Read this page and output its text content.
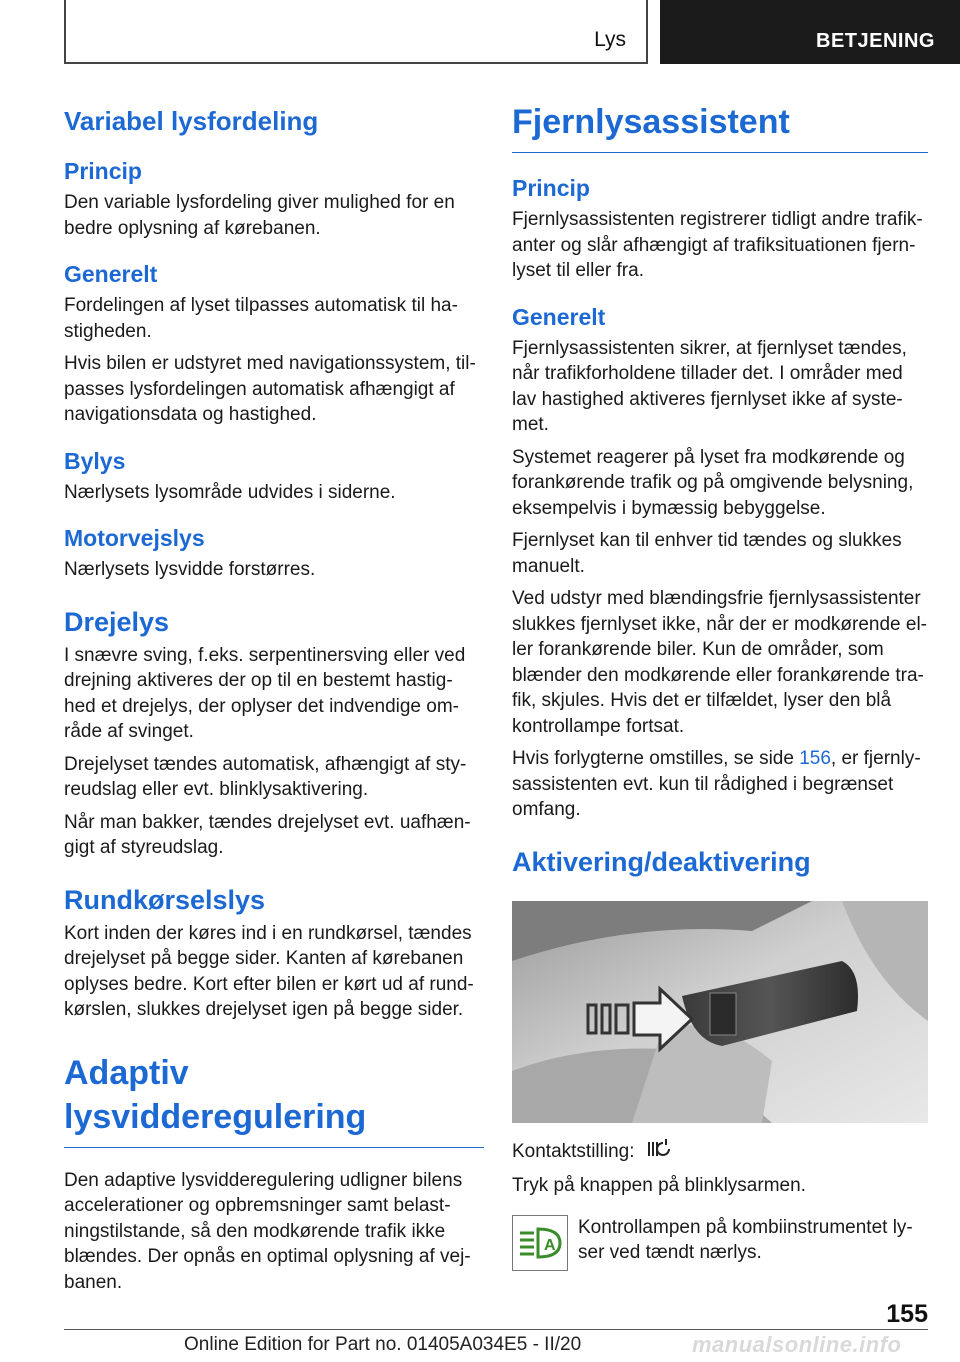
Lys	BETJENING
Variabel lysfordeling
Princip
Den variable lysfordeling giver mulighed for en bedre oplysning af kørebanen.
Generelt
Fordelingen af lyset tilpasses automatisk til ha‐ stigheden.
Hvis bilen er udstyret med navigationssystem, til‐ passes lysfordelingen automatisk afhængigt af navigationsdata og hastighed.
Bylys
Nærlysets lysområde udvides i siderne.
Motorvejslys
Nærlysets lysvidde forstørres.
Drejelys
I snævre sving, f.eks. serpentinersving eller ved drejning aktiveres der op til en bestemt hastig‐ hed et drejelys, der oplyser det indvendige om‐ råde af svinget.
Drejelyset tændes automatisk, afhængigt af sty‐ reudslag eller evt. blinklysaktivering.
Når man bakker, tændes drejelyset evt. uafhæn‐ gigt af styreudslag.
Rundkørselslys
Kort inden der køres ind i en rundkørsel, tændes drejelyset på begge sider. Kanten af kørebanen oplyses bedre. Kort efter bilen er kørt ud af rund‐ kørslen, slukkes drejelyset igen på begge sider.
Adaptiv lysvidderegulering
Den adaptive lysvidderegulering udligner bilens accelerationer og opbremsninger samt belast‐ ningstilstande, så den modkørende trafik ikke blændes. Der opnås en optimal oplysning af vej‐ banen.
Fjernlysassistent
Princip
Fjernlysassistenten registrerer tidligt andre trafik‐ anter og slår afhængigt af trafiksituationen fjern‐ lyset til eller fra.
Generelt
Fjernlysassistenten sikrer, at fjernlyset tændes, når trafikforholdene tillader det. I områder med lav hastighed aktiveres fjernlyset ikke af syste‐ met.
Systemet reagerer på lyset fra modkørende og forankørende trafik og på omgivende belysning, eksempelvis i bymæssig bebyggelse.
Fjernlyset kan til enhver tid tændes og slukkes manuelt.
Ved udstyr med blændingsfrie fjernlysassistenter slukkes fjernlyset ikke, når der er modkørende el‐ ler forankørende biler. Kun de områder, som blænder den modkørende eller forankørende tra‐ fik, skjules. Hvis det er tilfældet, lyser den blå kontrollampe fortsat.
Hvis forlygterne omstilles, se side 156, er fjernly‐ sassistenten evt. kun til rådighed i begrænset omfang.
Aktivering/deaktivering
Kontaktstilling:
Tryk på knappen på blinklysarmen.
A
Kontrollampen på kombiinstrumentet ly‐ ser ved tændt nærlys.
155
Online Edition for Part no. 01405A034E5 - II/20	manualsonline.info
